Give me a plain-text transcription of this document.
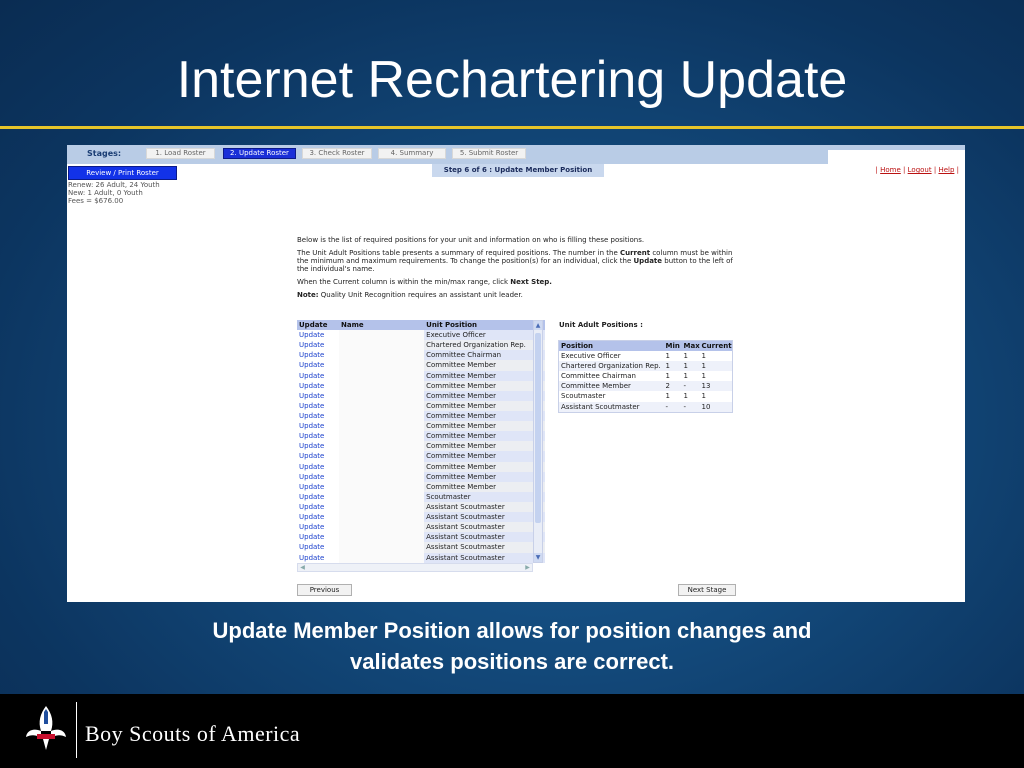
Internet Rechartering Update
Stages:	1. Load Roster	2. Update Roster	3. Check Roster	4. Summary	5. Submit Roster
Review / Print Roster
Renew: 26 Adult, 24 Youth
New: 1 Adult, 0 Youth
Fees = $676.00
Step 6 of 6 : Update Member Position	| Home | Logout | Help |

Below is the list of required positions for your unit and information on who is filling these positions.

The Unit Adult Positions table presents a summary of required positions. The number in the Current column must be within the minimum and maximum requirements. To change the position(s) for an individual, click the Update button to the left of the individual's name.

When the Current column is within the min/max range, click Next Step.

Note: Quality Unit Recognition requires an assistant unit leader.

Update	Name	Unit Position
Update		Executive Officer
Update		Chartered Organization Rep.
Update		Committee Chairman
Update		Committee Member
Update		Committee Member
Update		Committee Member
Update		Committee Member
Update		Committee Member
Update		Committee Member
Update		Committee Member
Update		Committee Member
Update		Committee Member
Update		Committee Member
Update		Committee Member
Update		Committee Member
Update		Committee Member
Update		Scoutmaster
Update		Assistant Scoutmaster
Update		Assistant Scoutmaster
Update		Assistant Scoutmaster
Update		Assistant Scoutmaster
Update		Assistant Scoutmaster
Update		Assistant Scoutmaster
▲
▼
◀	▶
Unit Adult Positions :
Position	Min	Max	Current
Executive Officer	1	1	1
Chartered Organization Rep.	1	1	1
Committee Chairman	1	1	1
Committee Member	2	-	13
Scoutmaster	1	1	1
Assistant Scoutmaster	-	-	10
Previous	Next Stage
Update Member Position allows for position changes and
validates positions are correct.
Boy Scouts of America
